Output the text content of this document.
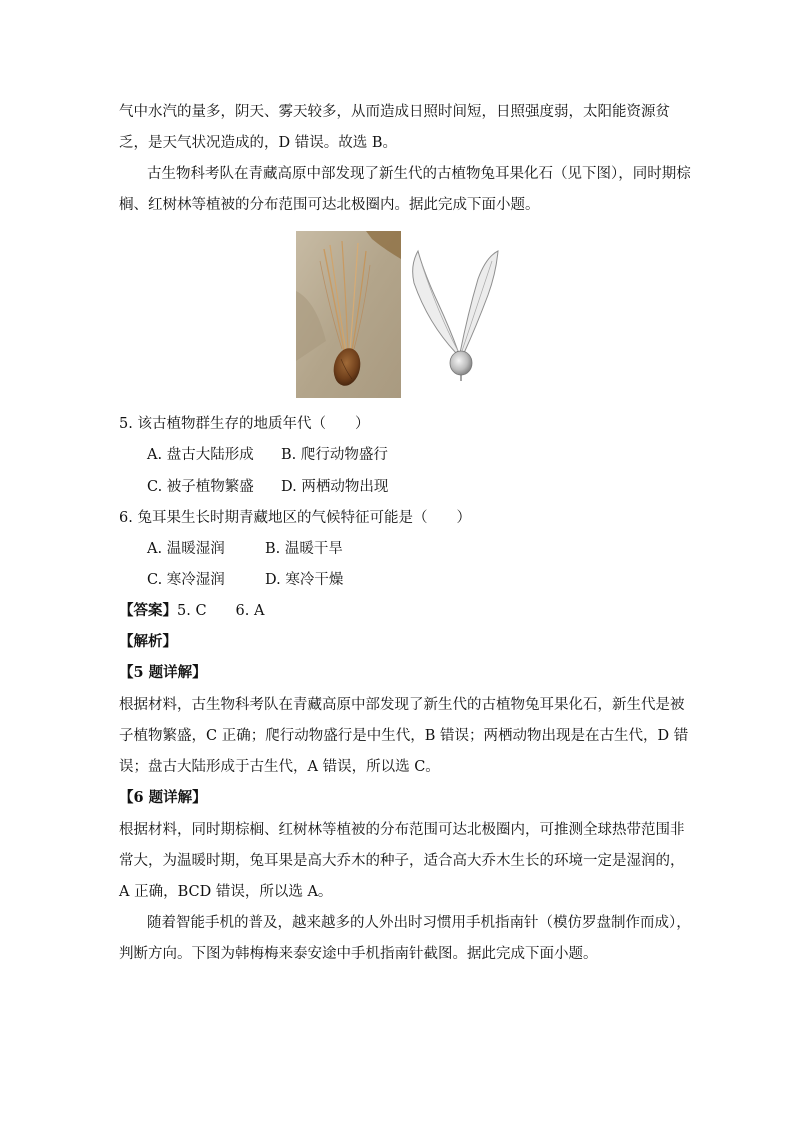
气中水汽的量多，阴天、雾天较多，从而造成日照时间短，日照强度弱，太阳能资源贫
乏，是天气状况造成的，D 错误。故选 B。
古生物科考队在青藏高原中部发现了新生代的古植物兔耳果化石（见下图），同时期棕
榈、红树林等植被的分布范围可达北极圈内。据此完成下面小题。
5. 该古植物群生存的地质年代（　　）
A. 盘古大陆形成 B. 爬行动物盛行
C. 被子植物繁盛 D. 两栖动物出现
6. 兔耳果生长时期青藏地区的气候特征可能是（　　）
A. 温暖湿润	B. 温暖干旱
C. 寒冷湿润	D. 寒冷干燥
【答案】5. C　　6. A
【解析】
【5 题详解】
根据材料，古生物科考队在青藏高原中部发现了新生代的古植物兔耳果化石，新生代是被
子植物繁盛，C 正确；爬行动物盛行是中生代，B 错误；两栖动物出现是在古生代，D 错
误；盘古大陆形成于古生代，A 错误，所以选 C。
【6 题详解】
根据材料，同时期棕榈、红树林等植被的分布范围可达北极圈内，可推测全球热带范围非
常大，为温暖时期，兔耳果是高大乔木的种子，适合高大乔木生长的环境一定是湿润的，
A 正确，BCD 错误，所以选 A。
随着智能手机的普及，越来越多的人外出时习惯用手机指南针（模仿罗盘制作而成），
判断方向。下图为韩梅梅来泰安途中手机指南针截图。据此完成下面小题。
